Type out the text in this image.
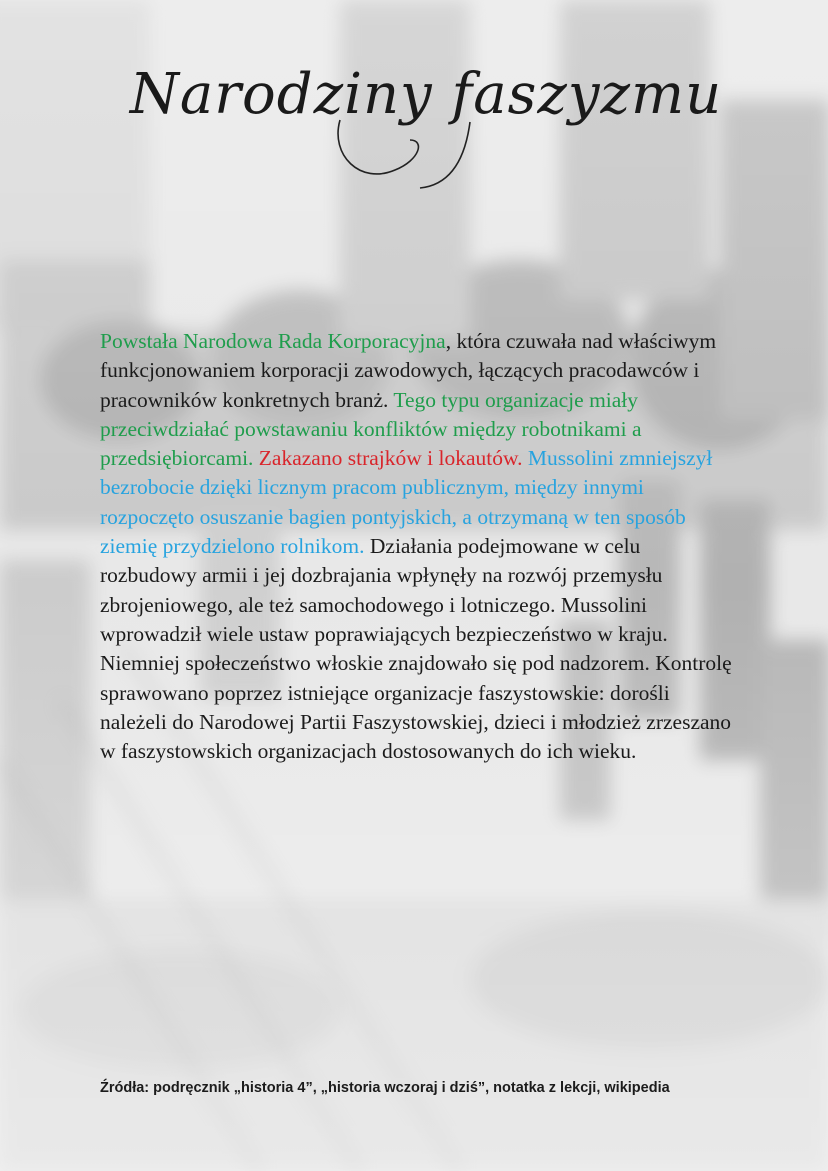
Narodziny faszyzmu

Powstała Narodowa Rada Korporacyjna, która czuwała nad właściwym funkcjonowaniem korporacji zawodowych, łączących pracodawców i pracowników konkretnych branż. Tego typu organizacje miały przeciwdziałać powstawaniu konfliktów między robotnikami a przedsiębiorcami. Zakazano strajków i lokautów. Mussolini zmniejszył bezrobocie dzięki licznym pracom publicznym, między innymi rozpoczęto osuszanie bagien pontyjskich, a otrzymaną w ten sposób ziemię przydzielono rolnikom. Działania podejmowane w celu rozbudowy armii i jej dozbrajania wpłynęły na rozwój przemysłu zbrojeniowego, ale też samochodowego i lotniczego. Mussolini wprowadził wiele ustaw poprawiających bezpieczeństwo w kraju. Niemniej społeczeństwo włoskie znajdowało się pod nadzorem. Kontrolę sprawowano poprzez istniejące organizacje faszystowskie: dorośli należeli do Narodowej Partii Faszystowskiej, dzieci i młodzież zrzeszano w faszystowskich organizacjach dostosowanych do ich wieku.

Źródła: podręcznik „historia 4”, „historia wczoraj i dziś”, notatka z lekcji, wikipedia
